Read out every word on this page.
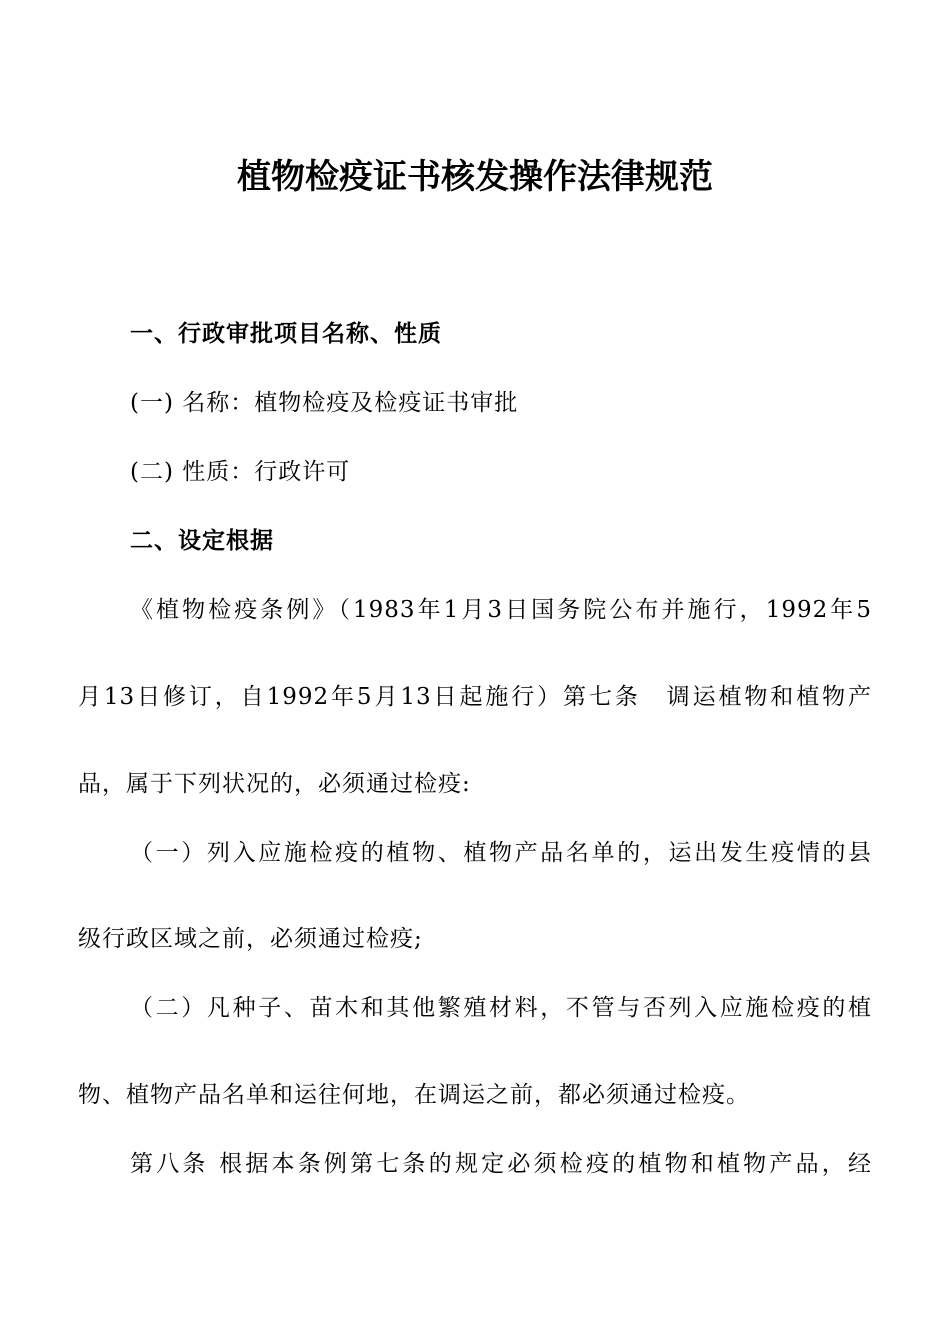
植物检疫证书核发操作法律规范
一、行政审批项目名称、性质
(一) 名称：植物检疫及检疫证书审批
(二) 性质：行政许可
二、设定根据
《植物检疫条例》（1983年1月3日国务院公布并施行，1992年5
月13日修订，自1992年5月13日起施行）第七条　调运植物和植物产
品，属于下列状况的，必须通过检疫:
（一）列入应施检疫的植物、植物产品名单的，运出发生疫情的县
级行政区域之前，必须通过检疫;
（二）凡种子、苗木和其他繁殖材料，不管与否列入应施检疫的植
物、植物产品名单和运往何地，在调运之前，都必须通过检疫。
第八条 根据本条例第七条的规定必须检疫的植物和植物产品，经
